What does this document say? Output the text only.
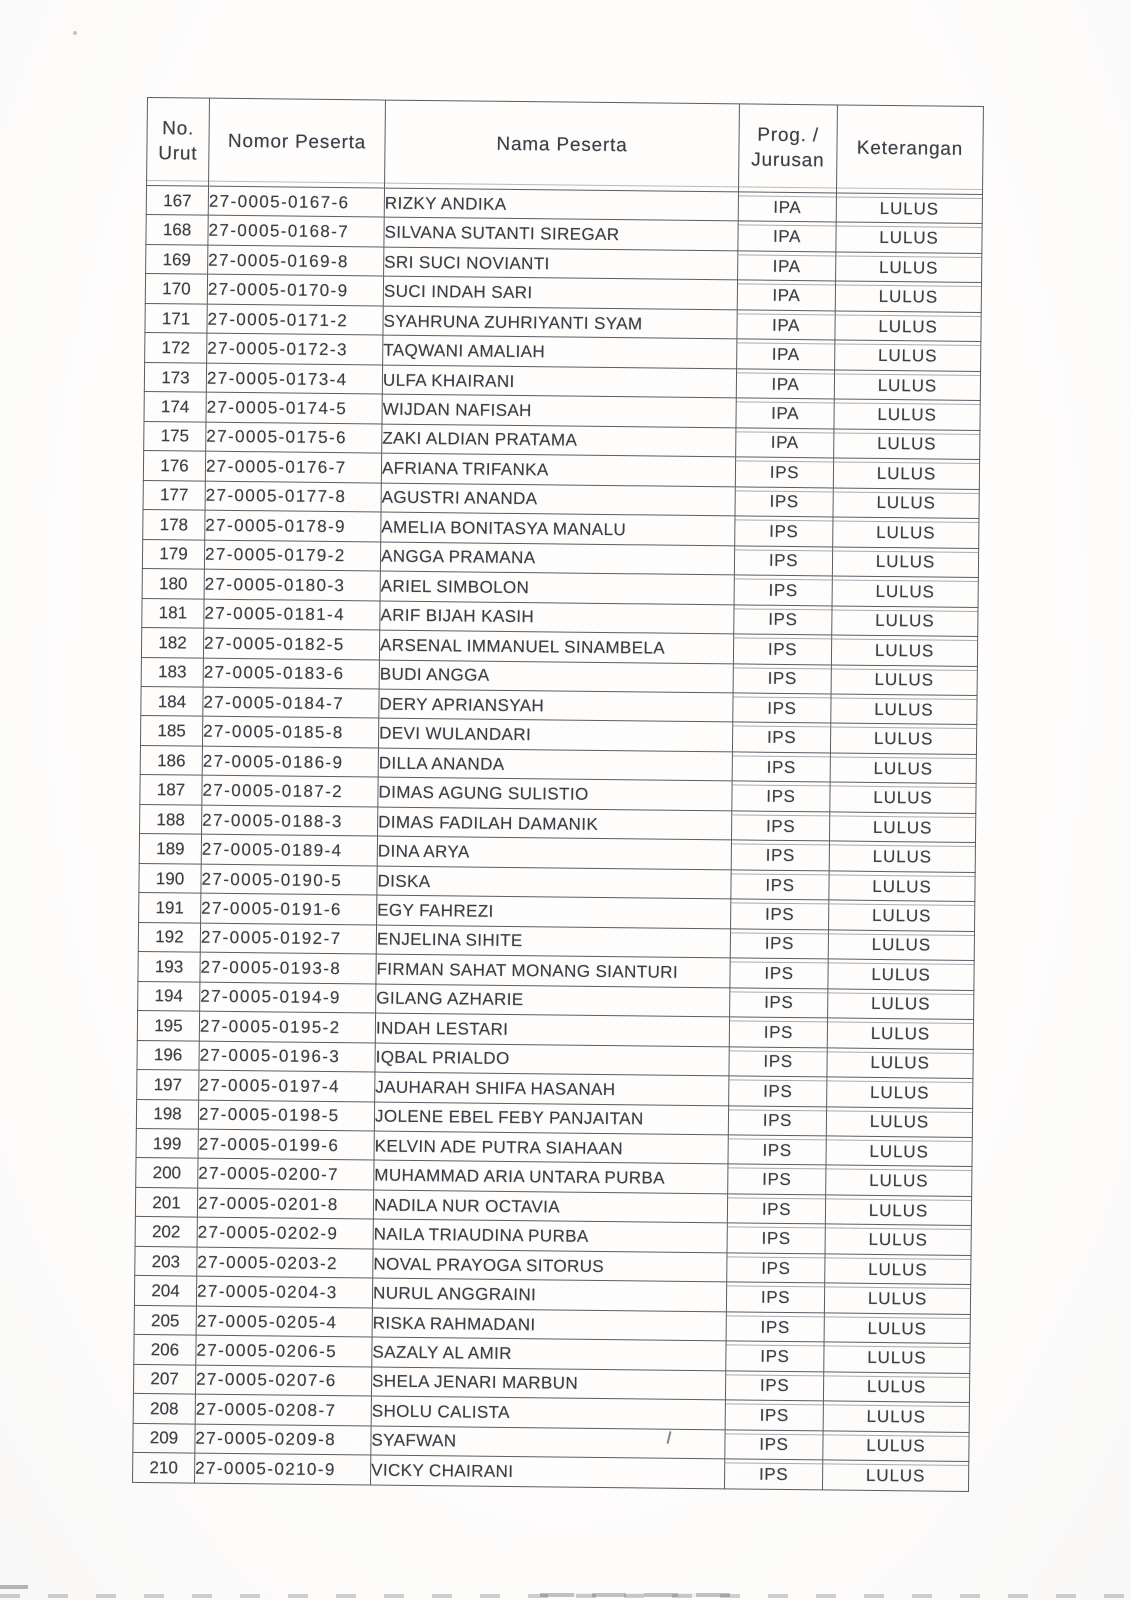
No. Urut	Nomor Peserta	Nama Peserta	Prog. / Jurusan	Keterangan
167	27-0005-0167-6	RIZKY ANDIKA	IPA	LULUS
168	27-0005-0168-7	SILVANA SUTANTI SIREGAR	IPA	LULUS
169	27-0005-0169-8	SRI SUCI NOVIANTI	IPA	LULUS
170	27-0005-0170-9	SUCI INDAH SARI	IPA	LULUS
171	27-0005-0171-2	SYAHRUNA ZUHRIYANTI SYAM	IPA	LULUS
172	27-0005-0172-3	TAQWANI AMALIAH	IPA	LULUS
173	27-0005-0173-4	ULFA KHAIRANI	IPA	LULUS
174	27-0005-0174-5	WIJDAN NAFISAH	IPA	LULUS
175	27-0005-0175-6	ZAKI ALDIAN PRATAMA	IPA	LULUS
176	27-0005-0176-7	AFRIANA TRIFANKA	IPS	LULUS
177	27-0005-0177-8	AGUSTRI ANANDA	IPS	LULUS
178	27-0005-0178-9	AMELIA BONITASYA MANALU	IPS	LULUS
179	27-0005-0179-2	ANGGA PRAMANA	IPS	LULUS
180	27-0005-0180-3	ARIEL SIMBOLON	IPS	LULUS
181	27-0005-0181-4	ARIF BIJAH KASIH	IPS	LULUS
182	27-0005-0182-5	ARSENAL IMMANUEL SINAMBELA	IPS	LULUS
183	27-0005-0183-6	BUDI ANGGA	IPS	LULUS
184	27-0005-0184-7	DERY APRIANSYAH	IPS	LULUS
185	27-0005-0185-8	DEVI WULANDARI	IPS	LULUS
186	27-0005-0186-9	DILLA ANANDA	IPS	LULUS
187	27-0005-0187-2	DIMAS AGUNG SULISTIO	IPS	LULUS
188	27-0005-0188-3	DIMAS FADILAH DAMANIK	IPS	LULUS
189	27-0005-0189-4	DINA ARYA	IPS	LULUS
190	27-0005-0190-5	DISKA	IPS	LULUS
191	27-0005-0191-6	EGY FAHREZI	IPS	LULUS
192	27-0005-0192-7	ENJELINA SIHITE	IPS	LULUS
193	27-0005-0193-8	FIRMAN SAHAT MONANG SIANTURI	IPS	LULUS
194	27-0005-0194-9	GILANG AZHARIE	IPS	LULUS
195	27-0005-0195-2	INDAH LESTARI	IPS	LULUS
196	27-0005-0196-3	IQBAL PRIALDO	IPS	LULUS
197	27-0005-0197-4	JAUHARAH SHIFA HASANAH	IPS	LULUS
198	27-0005-0198-5	JOLENE EBEL FEBY PANJAITAN	IPS	LULUS
199	27-0005-0199-6	KELVIN ADE PUTRA SIAHAAN	IPS	LULUS
200	27-0005-0200-7	MUHAMMAD ARIA UNTARA PURBA	IPS	LULUS
201	27-0005-0201-8	NADILA NUR OCTAVIA	IPS	LULUS
202	27-0005-0202-9	NAILA TRIAUDINA PURBA	IPS	LULUS
203	27-0005-0203-2	NOVAL PRAYOGA SITORUS	IPS	LULUS
204	27-0005-0204-3	NURUL ANGGRAINI	IPS	LULUS
205	27-0005-0205-4	RISKA RAHMADANI	IPS	LULUS
206	27-0005-0206-5	SAZALY AL AMIR	IPS	LULUS
207	27-0005-0207-6	SHELA JENARI MARBUN	IPS	LULUS
208	27-0005-0208-7	SHOLU CALISTA	IPS	LULUS
209	27-0005-0209-8	SYAFWAN	IPS	LULUS
210	27-0005-0210-9	VICKY CHAIRANI	IPS	LULUS
